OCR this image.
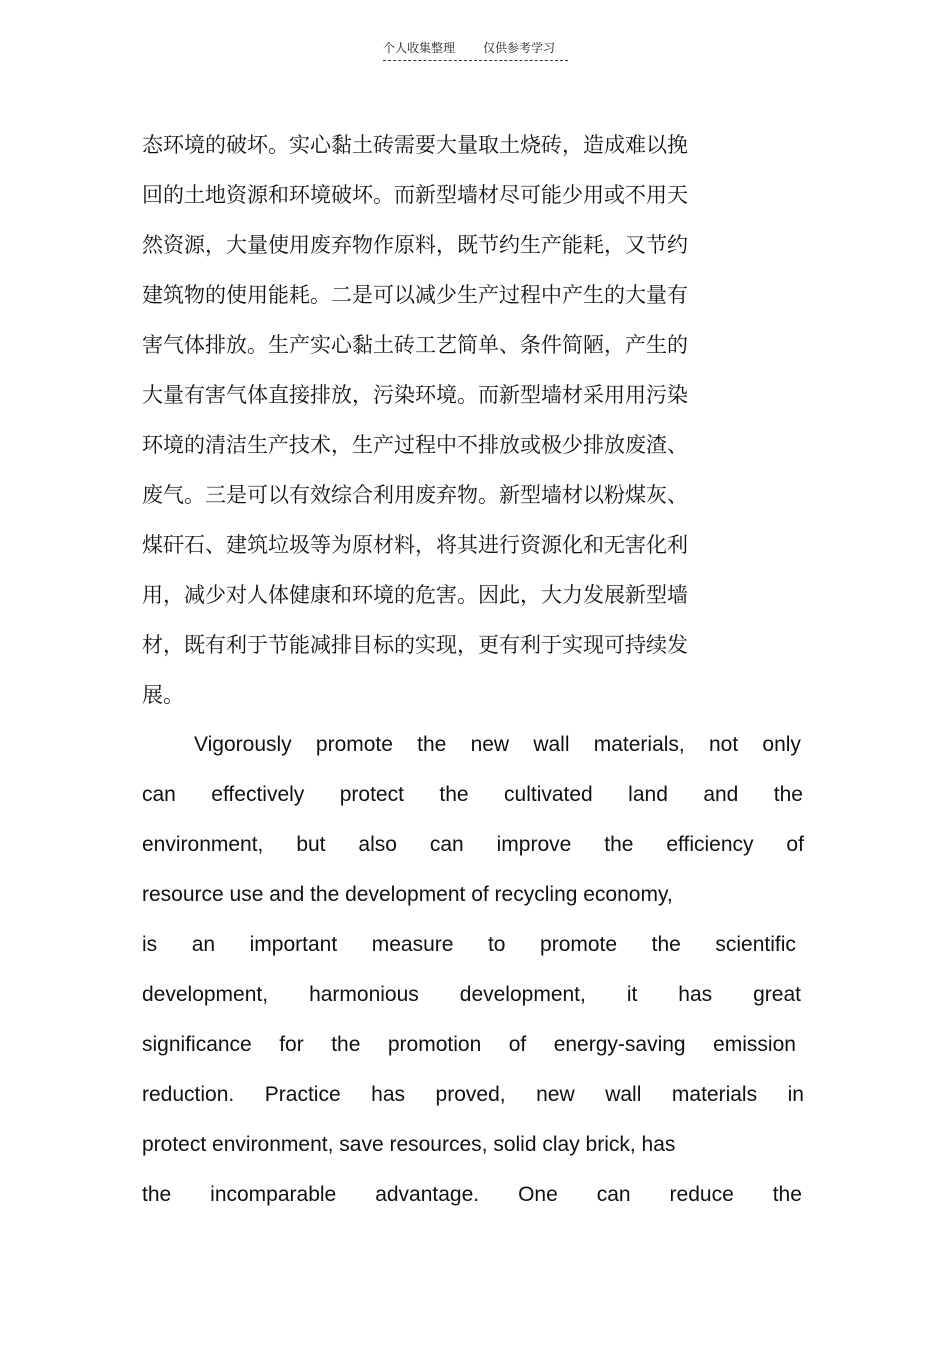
个人收集整理 仅供参考学习
态环境的破坏。实心黏土砖需要大量取土烧砖，造成难以挽
回的土地资源和环境破坏。而新型墙材尽可能少用或不用天
然资源，大量使用废弃物作原料，既节约生产能耗，又节约
建筑物的使用能耗。二是可以减少生产过程中产生的大量有
害气体排放。生产实心黏土砖工艺简单、条件简陋，产生的
大量有害气体直接排放，污染环境。而新型墙材采用用污染
环境的清洁生产技术，生产过程中不排放或极少排放废渣、
废气。三是可以有效综合利用废弃物。新型墙材以粉煤灰、
煤矸石、建筑垃圾等为原材料，将其进行资源化和无害化利
用，减少对人体健康和环境的危害。因此，大力发展新型墙
材，既有利于节能减排目标的实现，更有利于实现可持续发
展。
Vigorously promote the new wall materials, not only
can effectively protect the cultivated land and the
environment, but also can improve the efficiency of
resource use and the development of recycling economy,
is an important measure to promote the scientific
development, harmonious development, it has great
significance for the promotion of energy-saving emission
reduction. Practice has proved, new wall materials in
protect environment, save resources, solid clay brick, has
the incomparable advantage. One can reduce the
